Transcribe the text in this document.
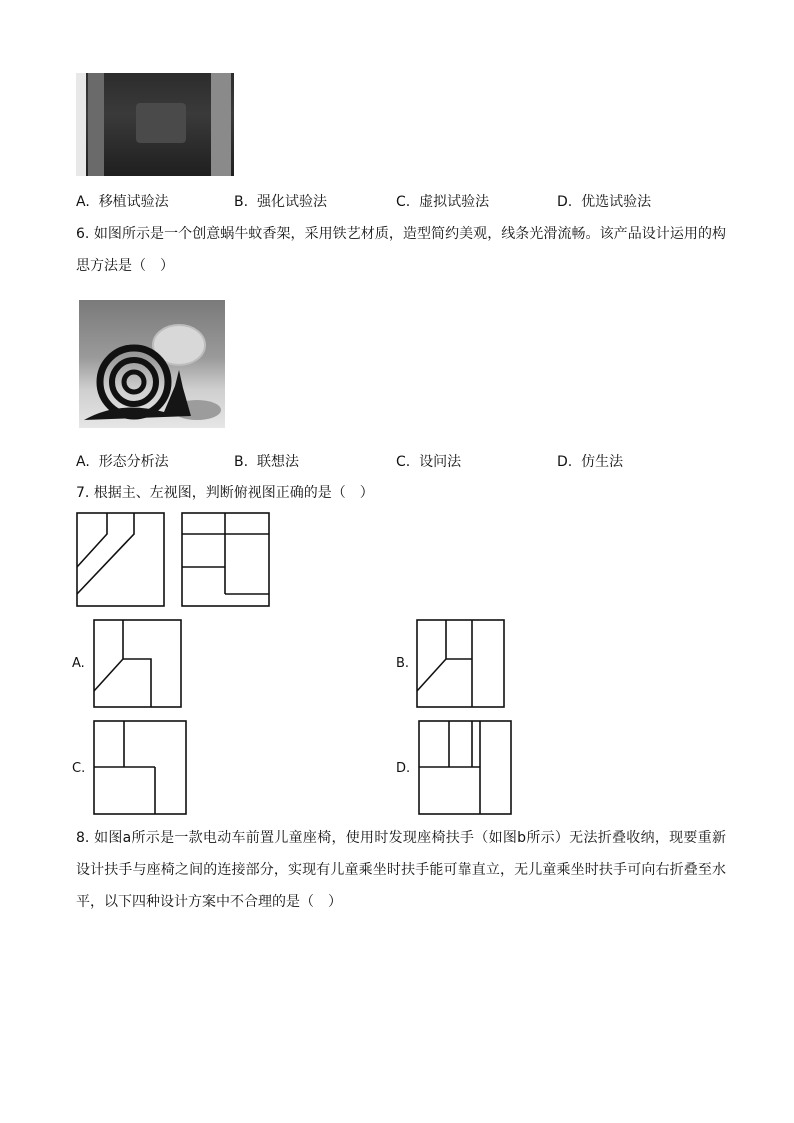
A. 移植试验法	B. 强化试验法	C. 虚拟试验法	D. 优选试验法
6. 如图所示是一个创意蜗牛蚊香架，采用铁艺材质，造型简约美观，线条光滑流畅。该产品设计运用的构思方法是（　）
A. 形态分析法	B. 联想法	C. 设问法	D. 仿生法
7. 根据主、左视图，判断俯视图正确的是（　）
A.	B.
C.	D.
8. 如图a所示是一款电动车前置儿童座椅，使用时发现座椅扶手（如图b所示）无法折叠收纳，现要重新设计扶手与座椅之间的连接部分，实现有儿童乘坐时扶手能可靠直立，无儿童乘坐时扶手可向右折叠至水平，以下四种设计方案中不合理的是（　）
